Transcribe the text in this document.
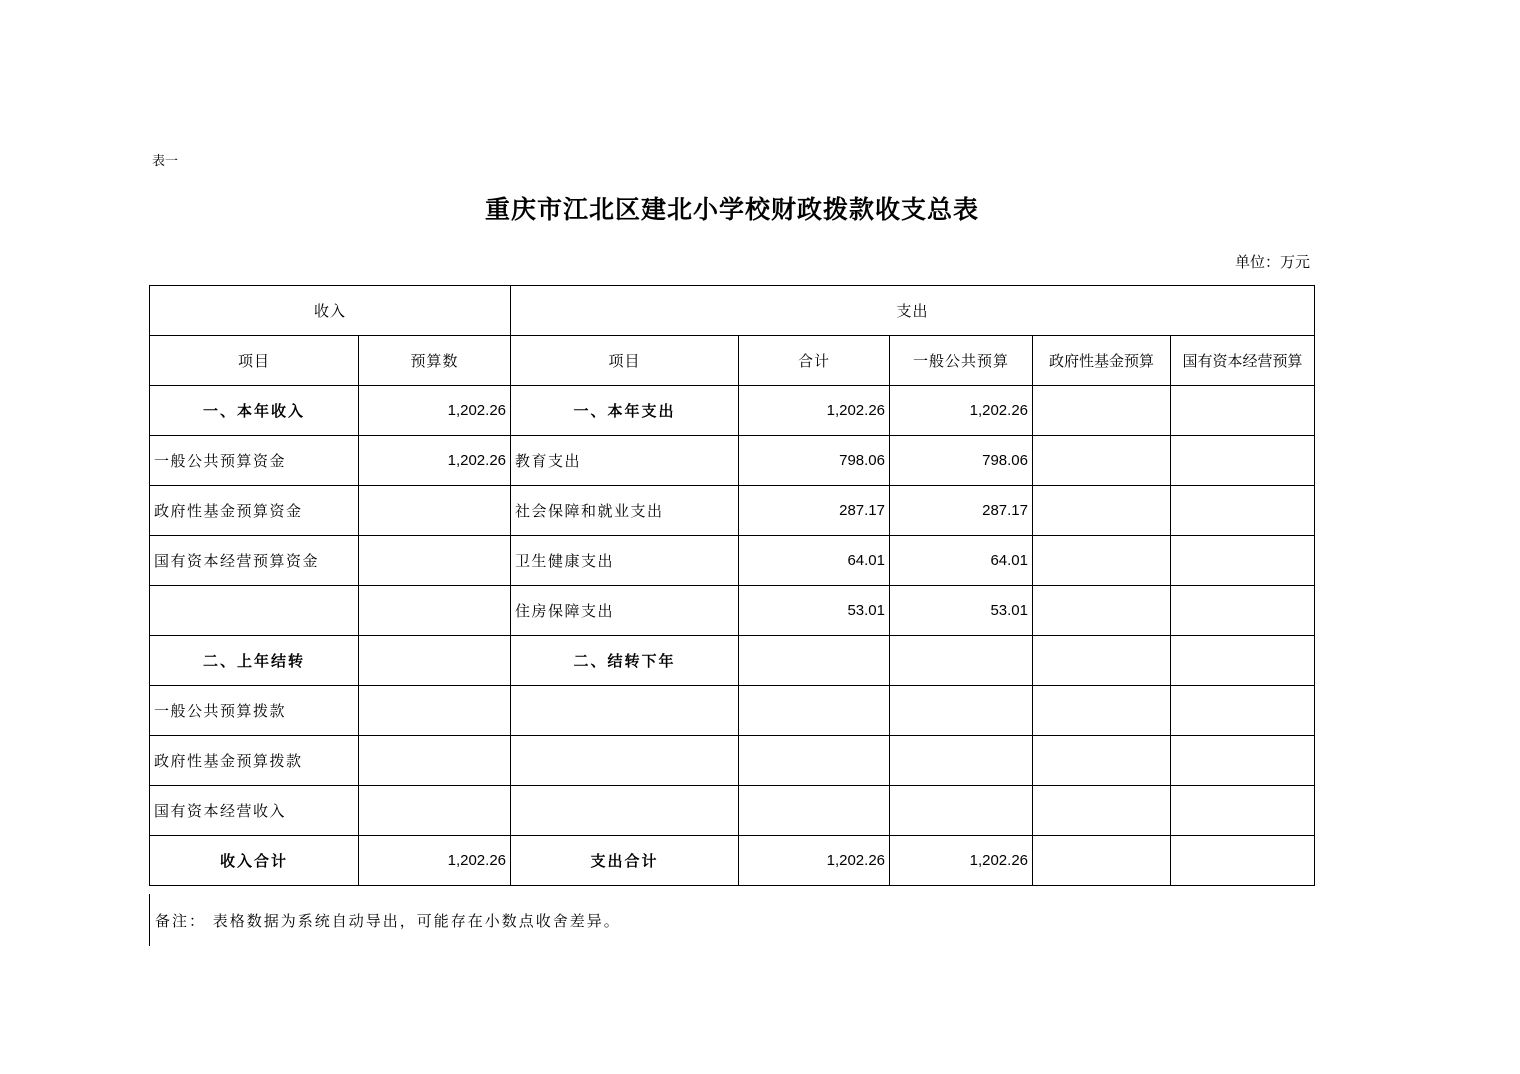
表一
重庆市江北区建北小学校财政拨款收支总表
单位：万元
收入		支出				
项目	预算数	项目	合计	一般公共预算	政府性基金预算	国有资本经营预算
一、本年收入	1,202.26	一、本年支出	1,202.26	1,202.26		
一般公共预算资金	1,202.26	教育支出	798.06	798.06		
政府性基金预算资金		社会保障和就业支出	287.17	287.17		
国有资本经营预算资金		卫生健康支出	64.01	64.01		
		住房保障支出	53.01	53.01		
二、上年结转		二、结转下年				
一般公共预算拨款						
政府性基金预算拨款						
国有资本经营收入						
收入合计	1,202.26	支出合计	1,202.26	1,202.26		
备注： 表格数据为系统自动导出，可能存在小数点收舍差异。
